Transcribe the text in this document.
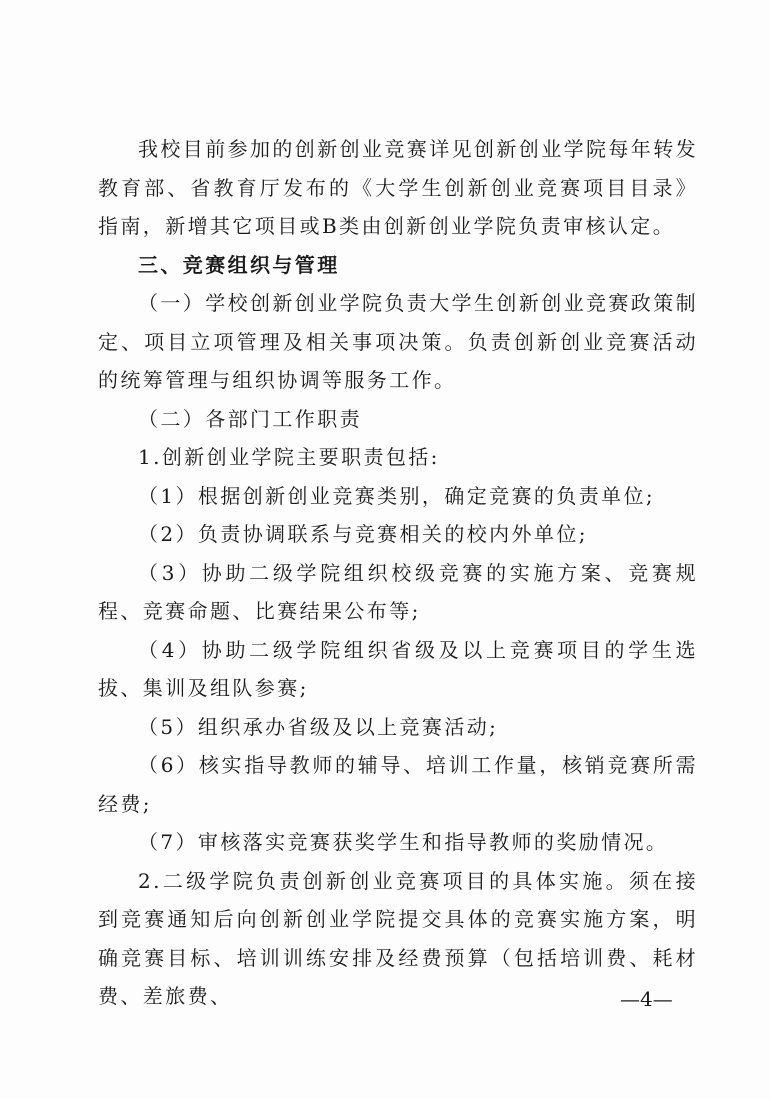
我校目前参加的创新创业竞赛详见创新创业学院每年转发教育部、省教育厅发布的《大学生创新创业竞赛项目目录》指南，新增其它项目或B类由创新创业学院负责审核认定。

三、竞赛组织与管理

（一）学校创新创业学院负责大学生创新创业竞赛政策制定、项目立项管理及相关事项决策。负责创新创业竞赛活动的统筹管理与组织协调等服务工作。

（二）各部门工作职责

1.创新创业学院主要职责包括:

（1）根据创新创业竞赛类别，确定竞赛的负责单位;

（2）负责协调联系与竞赛相关的校内外单位;

（3）协助二级学院组织校级竞赛的实施方案、竞赛规程、竞赛命题、比赛结果公布等;

（4）协助二级学院组织省级及以上竞赛项目的学生选拔、集训及组队参赛;

（5）组织承办省级及以上竞赛活动;

（6）核实指导教师的辅导、培训工作量，核销竞赛所需经费;

（7）审核落实竞赛获奖学生和指导教师的奖励情况。

2.二级学院负责创新创业竞赛项目的具体实施。须在接到竞赛通知后向创新创业学院提交具体的竞赛实施方案，明确竞赛目标、培训训练安排及经费预算（包括培训费、耗材费、差旅费、	—4—
